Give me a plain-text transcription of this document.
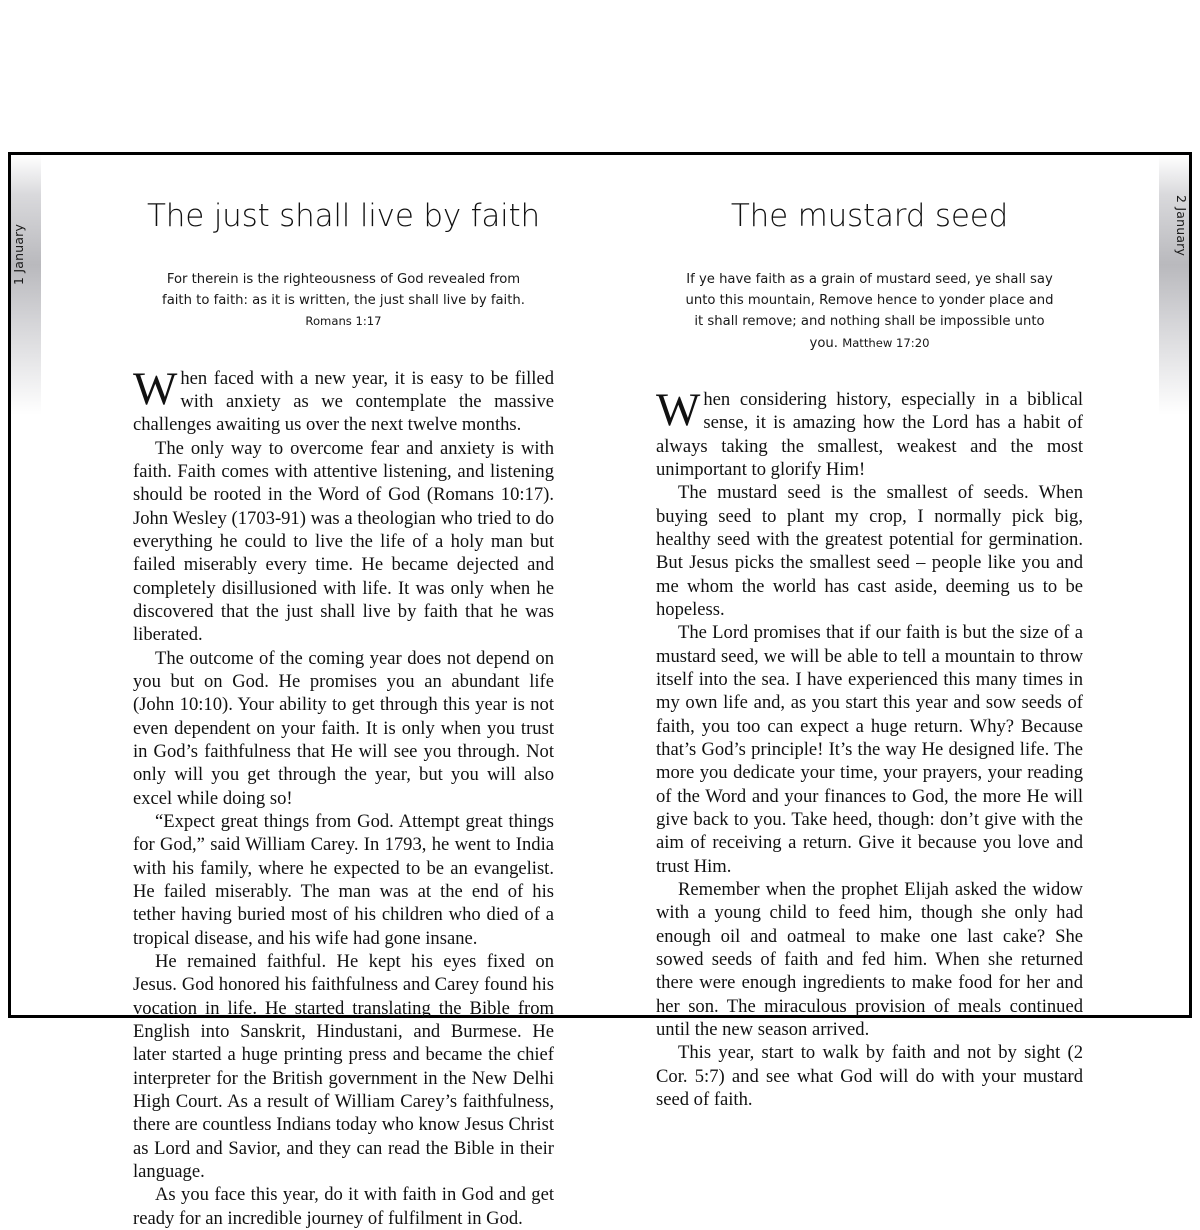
1 January
The just shall live by faith
For therein is the righteousness of God revealed from faith to faith: as it is written, the just shall live by faith. Romans 1:17

When faced with a new year, it is easy to be filled with anxiety as we contemplate the massive challenges awaiting us over the next twelve months.

The only way to overcome fear and anxiety is with faith. Faith comes with attentive listening, and listening should be rooted in the Word of God (Romans 10:17). John Wesley (1703-91) was a theologian who tried to do everything he could to live the life of a holy man but failed miserably every time. He became dejected and completely disillusioned with life. It was only when he discovered that the just shall live by faith that he was liberated.

The outcome of the coming year does not depend on you but on God. He promises you an abundant life (John 10:10). Your ability to get through this year is not even dependent on your faith. It is only when you trust in God’s faithfulness that He will see you through. Not only will you get through the year, but you will also excel while doing so!

“Expect great things from God. Attempt great things for God,” said William Carey. In 1793, he went to India with his family, where he expected to be an evangelist. He failed miserably. The man was at the end of his tether having buried most of his children who died of a tropical disease, and his wife had gone insane.

He remained faithful. He kept his eyes fixed on Jesus. God honored his faithfulness and Carey found his vocation in life. He started translating the Bible from English into Sanskrit, Hindustani, and Burmese. He later started a huge printing press and became the chief interpreter for the British government in the New Delhi High Court. As a result of William Carey’s faithfulness, there are countless Indians today who know Jesus Christ as Lord and Savior, and they can read the Bible in their language.

As you face this year, do it with faith in God and get ready for an incredible journey of fulfilment in God.

The mustard seed
If ye have faith as a grain of mustard seed, ye shall say unto this mountain, Remove hence to yonder place and it shall remove; and nothing shall be impossible unto you. Matthew 17:20

When considering history, especially in a biblical sense, it is amazing how the Lord has a habit of always taking the smallest, weakest and the most unimportant to glorify Him!

The mustard seed is the smallest of seeds. When buying seed to plant my crop, I normally pick big, healthy seed with the greatest potential for germination. But Jesus picks the smallest seed – people like you and me whom the world has cast aside, deeming us to be hopeless.

The Lord promises that if our faith is but the size of a mustard seed, we will be able to tell a mountain to throw itself into the sea. I have experienced this many times in my own life and, as you start this year and sow seeds of faith, you too can expect a huge return. Why? Because that’s God’s principle! It’s the way He designed life. The more you dedicate your time, your prayers, your reading of the Word and your finances to God, the more He will give back to you. Take heed, though: don’t give with the aim of receiving a return. Give it because you love and trust Him.

Remember when the prophet Elijah asked the widow with a young child to feed him, though she only had enough oil and oatmeal to make one last cake? She sowed seeds of faith and fed him. When she returned there were enough ingredients to make food for her and her son. The miraculous provision of meals continued until the new season arrived.

This year, start to walk by faith and not by sight (2 Cor. 5:7) and see what God will do with your mustard seed of faith.

2 January
